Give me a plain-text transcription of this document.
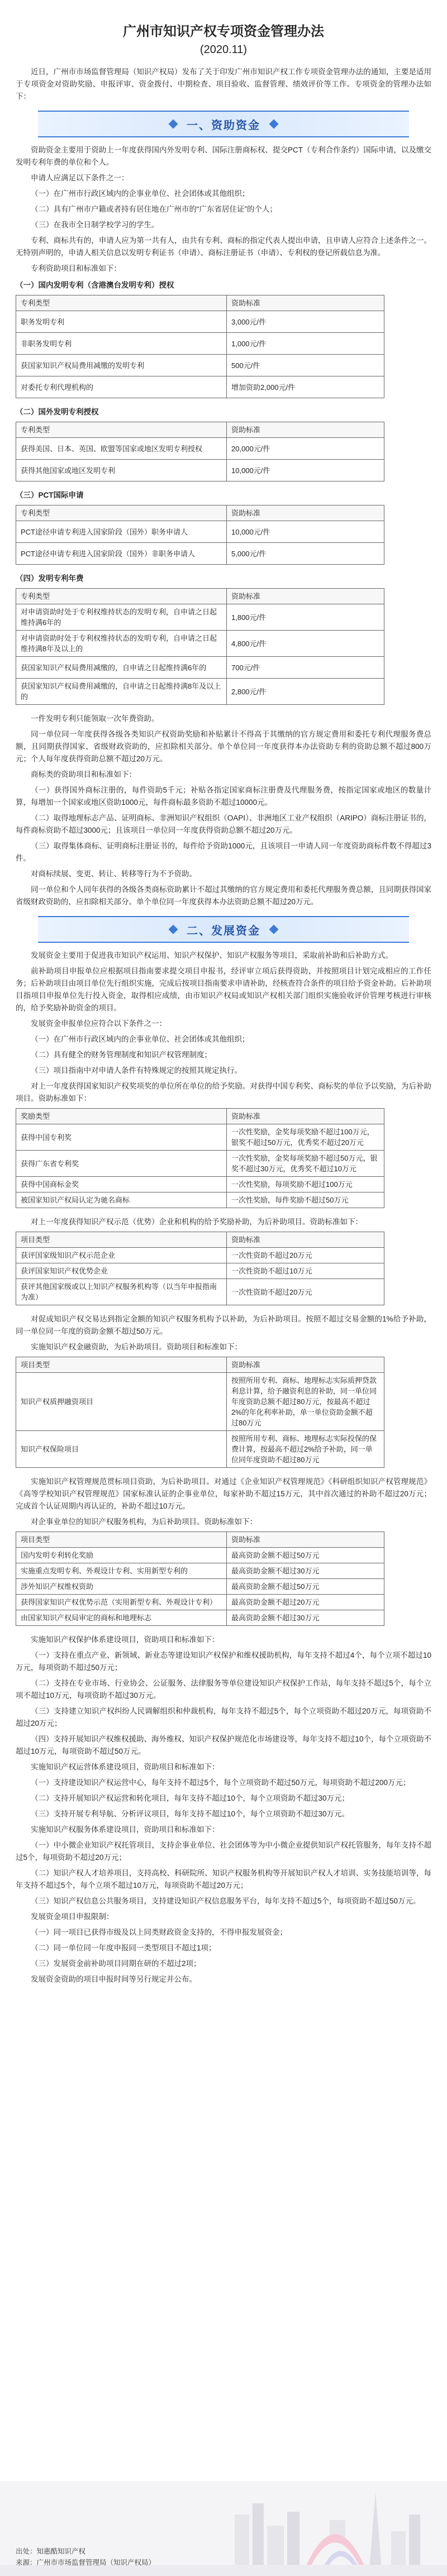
广州市知识产权专项资金管理办法
(2020.11)

近日，广州市市场监督管理局（知识产权局）发布了关于印发广州市知识产权工作专项资金管理办法的通知，主要是适用于专项资金对资助奖励、申报评审、资金拨付、中期检查、项目验收、监督管理、绩效评价等工作。专项资金的管理办法如下：

一、资助资金

资助资金主要用于资助上一年度获得国内外发明专利、国际注册商标权、提交PCT（专利合作条约）国际申请，以及缴交发明专利年费的单位和个人。

申请人应满足以下条件之一：

（一）在广州市行政区域内的企事业单位、社会团体或其他组织；

（二）具有广州市户籍或者持有居住地在广州市的“广东省居住证”的个人；

（三）在我市全日制学校学习的学生。

专利、商标共有的，申请人应为第一共有人，由共有专利、商标的指定代表人提出申请，且申请人应符合上述条件之一。无特别声明的，申请人相关信息以发明专利证书（申请）、商标注册证书（申请）、专利权的登记所载信息为准。

专利资助项目和标准如下：

（一）国内发明专利（含港澳台发明专利）授权
专利类型	资助标准
职务发明专利	3,000元/件
非职务发明专利	1,000元/件
获国家知识产权局费用减缴的发明专利	500元/件
对委托专利代理机构的	增加资助2,000元/件
（二）国外发明专利授权
专利类型	资助标准
获得美国、日本、英国、欧盟等国家或地区发明专利授权	20,000元/件
获得其他国家或地区发明专利	10,000元/件
（三）PCT国际申请
专利类型	资助标准
PCT途径申请专利进入国家阶段（国外）职务申请人	10,000元/件
PCT途径申请专利进入国家阶段（国外）非职务申请人	5,000元/件
（四）发明专利年费
专利类型	资助标准
对申请资助时处于专利权维持状态的发明专利，自申请之日起维持满6年的	1,800元/件
对申请资助时处于专利权维持状态的发明专利，自申请之日起维持满8年及以上的	4,800元/件
获国家知识产权局费用减缴的，自申请之日起维持满6年的	700元/件
获国家知识产权局费用减缴的，自申请之日起维持满8年及以上的	2,800元/件

一件发明专利只能领取一次年费资助。

同一单位同一年度获得各级各类知识产权资助奖励和补贴累计不得高于其缴纳的官方规定费用和委托专利代理服务费总额，且同期获得国家、省级财政资助的，应扣除相关部分。单个单位同一年度获得本办法资助专利的资助总额不超过800万元；个人每年度获得资助总额不超过20万元。

商标类的资助项目和标准如下：

（一）获得国外商标注册的，每件资助5千元；补贴各指定国家商标注册费及代理服务费，按指定国家或地区的数量计算，每增加一个国家或地区资助1000元，每件商标最多资助不超过10000元。

（二）取得地理标志产品、证明商标、非洲知识产权组织（OAPI）、非洲地区工业产权组织（ARIPO）商标注册证书的，每件商标资助不超过3000元；且该项目一单位同一年度获得资助总额不超过20万元。

（三）取得集体商标、证明商标注册证书的，每件给予资助1000元，且该项目一申请人同一年度资助商标件数不得超过3件。

对商标续展、变更、转让、转移等行为不予资助。

同一单位和个人同年获得的各级各类商标资助累计不超过其缴纳的官方规定费用和委托代理服务费总额，且同期获得国家省级财政资助的，应扣除相关部分。单个单位同一年度获得本办法资助总额不超过20万元。

二、发展资金

发展资金主要用于促进我市知识产权运用、知识产权保护、知识产权服务等项目，采取前补助和后补助方式。

前补助项目申报单位应根据项目指南要求提交项目申报书，经评审立项后获得资助，并按照项目计划完成相应的工作任务；后补助项目由项目单位先行组织实施，完成后按项目指南要求申请补助，经核查符合条件的项目给予资金补助。后补助项目指项目申报单位先行投入资金，取得相应成绩，由市知识产权局或知识产权相关部门组织实施验收评价管理考核进行审核的，给予奖励补助资金的项目。

发展资金申报单位应符合以下条件之一：

（一）在广州市行政区域内的企事业单位、社会团体或其他组织；

（二）具有健全的财务管理制度和知识产权管理制度；

（三）项目指南中对申请人条件有特殊规定的按照其规定执行。

对上一年度获得国家知识产权奖项奖的单位所在单位的给予奖励。对获得中国专利奖、商标奖的单位予以奖励，为后补助项目。资助标准如下：

奖励类型	资助标准
获得中国专利奖	一次性奖励，金奖每项奖励不超过100万元，银奖不超过50万元，优秀奖不超过20万元
获得广东省专利奖	一次性奖励，金奖每项奖励不超过50万元，银奖不超过30万元，优秀奖不超过10万元
获得中国商标金奖	一次性奖励，每项奖励不超过100万元
被国家知识产权局认定为驰名商标	一次性奖励，每件奖励不超过50万元

对上一年度获得知识产权示范（优势）企业和机构的给予奖励补助，为后补助项目。资助标准如下：

项目类型	资助标准
获评国家级知识产权示范企业	一次性资助不超过20万元
获评国家知识产权优势企业	一次性资助不超过10万元
获评其他国家级或以上知识产权服务机构等（以当年申报指南为准）	一次性资助不超过20万元

对促成知识产权交易达到指定金额的知识产权服务机构予以补助，为后补助项目。按照不超过交易金额的1%给予补助，同一单位同一年度的资助金额不超过50万元。

实施知识产权金融资助，为后补助项目。资助项目和标准如下：

项目类型	资助标准
知识产权质押融资项目	按照所用专利、商标、地理标志实际质押贷款利息计算，给予融资利息的补助，同一单位同年度资助总额不超过80万元，按最高不超过2%的年化利率补助，单一单位资助金额不超过80万元
知识产权保险项目	按照所用专利、商标、地理标志实际投保的保费计算，按最高不超过2%给予补助，同一单位同年度资助不超过80万元

实施知识产权管理规范贯标项目资助，为后补助项目。对通过《企业知识产权管理规范》《科研组织知识产权管理规范》《高等学校知识产权管理规范》国家标准认证的企事业单位，每家补助不超过15万元，其中首次通过的补助不超过20万元；完成首个认证周期内再认证的，补助不超过10万元。

对企事业单位的知识产权服务机构，为后补助项目。资助标准如下：

项目类型	资助标准
国内发明专利转化奖励	最高资助金额不超过50万元
实施重点发明专利、外观设计专利、实用新型专利的	最高资助金额不超过30万元
涉外知识产权维权资助	最高资助金额不超过50万元
获得国家知识产权优势示范（实用新型专利、外观设计专利）	最高资助金额不超过20万元
由国家知识产权局审定的商标和地理标志	最高资助金额不超过30万元

实施知识产权保护体系建设项目，资助项目和标准如下：

（一）支持在重点产业、新领域、新业态等建设知识产权保护和维权援助机构，每年支持不超过4个，每个立项不超过10万元，每项资助不超过50万元；

（二）支持在专业市场、行业协会、公证服务、法律服务等单位建设知识产权保护工作站，每年支持不超过5个，每个立项不超过10万元，每项资助不超过30万元。

（三）支持建立知识产权纠纷人民调解组织和仲裁机构，每年支持不超过5个，每个立项资助不超过20万元，每项资助不超过20万元；

（四）支持开展知识产权维权援助、海外维权、知识产权保护规范化市场建设等，每年支持不超过10个，每个立项资助不超过10万元，每项资助不超过50万元。

实施知识产权运营体系建设项目，资助项目和标准如下：

（一）支持建设知识产权运营中心，每年支持不超过5个，每个立项资助不超过50万元，每项资助不超过200万元；

（二）支持开展知识产权运营和转化项目，每年支持不超过10个，每个立项资助不超过30万元；

（三）支持开展专利导航、分析评议项目，每年支持不超过10个，每个立项资助不超过30万元。

实施知识产权服务体系建设项目，资助项目和标准如下：

（一）中小微企业知识产权托管项目，支持企事业单位、社会团体等为中小微企业提供知识产权托管服务，每年支持不超过5个，每项资助不超过20万元；

（二）知识产权人才培养项目，支持高校、科研院所、知识产权服务机构等开展知识产权人才培训、实务技能培训等，每年支持不超过5个，每个立项不超过10万元，每项资助不超过20万元；

（三）知识产权信息公共服务项目，支持建设知识产权信息服务平台，每年支持不超过5个，每项资助不超过50万元。

发展资金项目申报限制：

（一）同一项目已获得市级及以上同类财政资金支持的，不得申报发展资金；

（二）同一单位同一年度申报同一类型项目不超过1项；

（三）发展资金前补助项目同期在研的不超过2项；

发展资金资助的项目申报时间等另行规定并公布。

出处：知惠酷知识产权
来源：广州市市场监督管理局（知识产权局）
